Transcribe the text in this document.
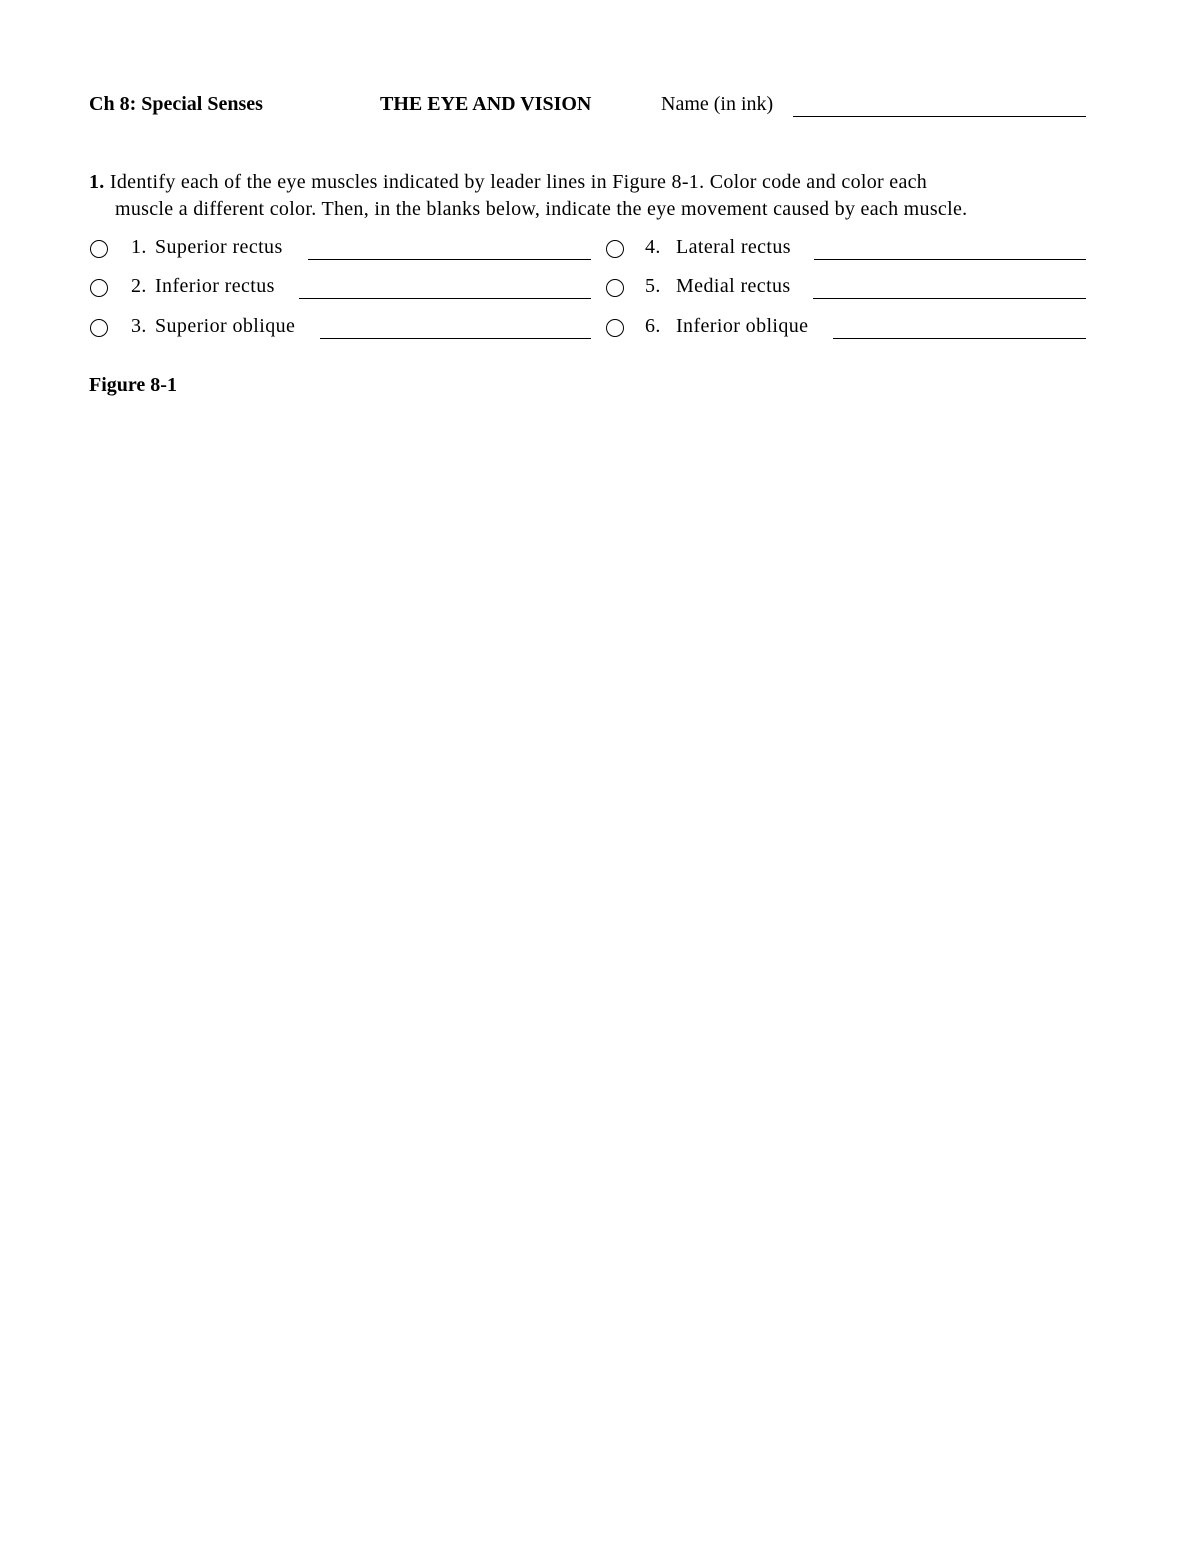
Ch 8: Special Senses	THE EYE AND VISION	Name (in ink)
1. Identify each of the eye muscles indicated by leader lines in Figure 8-1. Color code and color each
muscle a different color. Then, in the blanks below, indicate the eye movement caused by each muscle.
1. Superior rectus
2. Inferior rectus
3. Superior oblique
4. Lateral rectus
5. Medial rectus
6. Inferior oblique
Figure 8-1
